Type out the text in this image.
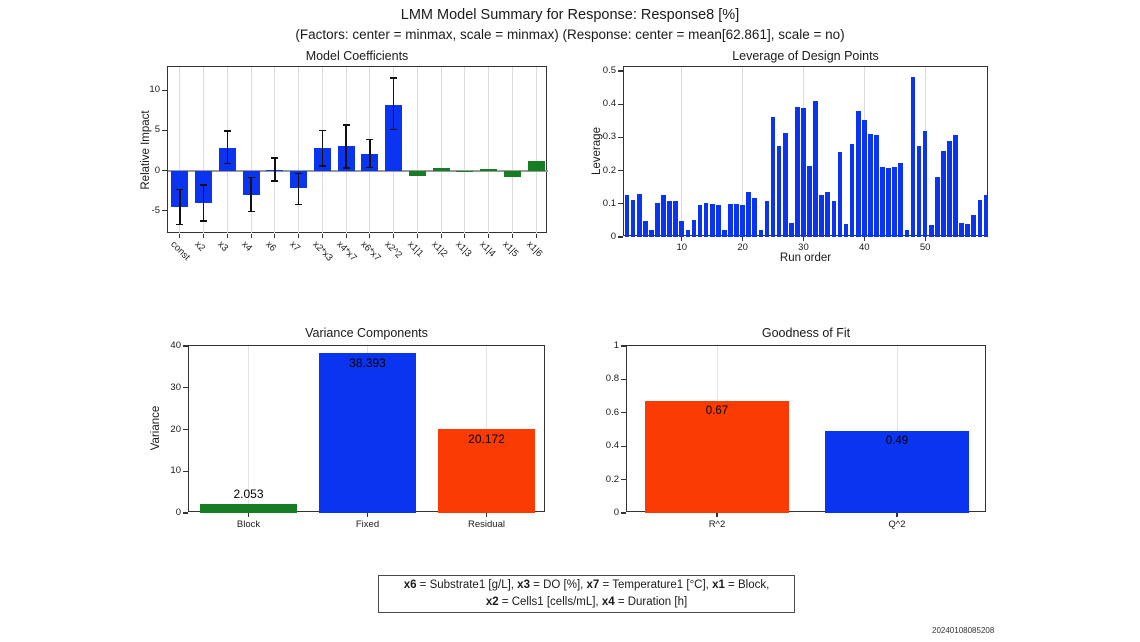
LMM Model Summary for Response: Response8 [%]
(Factors: center = minmax, scale = minmax) (Response: center = mean[62.861], scale = no)
Model Coefficients
Relative Impact
const x2 x3 x4 x6 x7 x2*x3 x4*x7 x6*x7 x2^2 x1|1 x1|2 x1|3 x1|4 x1|5 x1|6
-5
0
5
10
Leverage of Design Points
Leverage
10	20	30	40	50
0
0.1
0.2
0.3
0.4
0.5
Run order
Variance Components
Variance
2.053
Block
38.393
Fixed
20.172
Residual
0
10
20
30
40
Goodness of Fit
0.67
R^2
0.49
Q^2
0
0.2
0.4
0.6
0.8
1
x6 = Substrate1 [g/L], x3 = DO [%], x7 = Temperature1 [°C], x1 = Block,
x2 = Cells1 [cells/mL], x4 = Duration [h]
20240108085208
